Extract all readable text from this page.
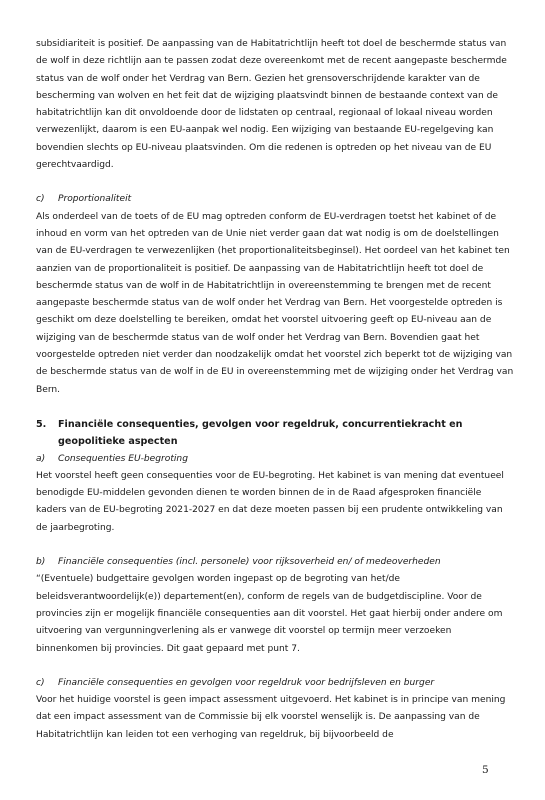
subsidiariteit is positief. De aanpassing van de Habitatrichtlijn heeft tot doel de beschermde status van de wolf in deze richtlijn aan te passen zodat deze overeenkomt met de recent aangepaste beschermde status van de wolf onder het Verdrag van Bern. Gezien het grensoverschrijdende karakter van de bescherming van wolven en het feit dat de wijziging plaatsvindt binnen de bestaande context van de habitatrichtlijn kan dit onvoldoende door de lidstaten op centraal, regionaal of lokaal niveau worden verwezenlijkt, daarom is een EU-aanpak wel nodig. Een wijziging van bestaande EU-regelgeving kan bovendien slechts op EU-niveau plaatsvinden. Om die redenen is optreden op het niveau van de EU gerechtvaardigd.

c) Proportionaliteit

Als onderdeel van de toets of de EU mag optreden conform de EU-verdragen toetst het kabinet of de inhoud en vorm van het optreden van de Unie niet verder gaan dat wat nodig is om de doelstellingen van de EU-verdragen te verwezenlijken (het proportionaliteitsbeginsel). Het oordeel van het kabinet ten aanzien van de proportionaliteit is positief. De aanpassing van de Habitatrichtlijn heeft tot doel de beschermde status van de wolf in de Habitatrichtlijn in overeenstemming te brengen met de recent aangepaste beschermde status van de wolf onder het Verdrag van Bern. Het voorgestelde optreden is geschikt om deze doelstelling te bereiken, omdat het voorstel uitvoering geeft op EU-niveau aan de wijziging van de beschermde status van de wolf onder het Verdrag van Bern. Bovendien gaat het voorgestelde optreden niet verder dan noodzakelijk omdat het voorstel zich beperkt tot de wijziging van de beschermde status van de wolf in de EU in overeenstemming met de wijziging onder het Verdrag van Bern.

5.	Financiële consequenties, gevolgen voor regeldruk, concurrentiekracht en geopolitieke aspecten

a) Consequenties EU-begroting

Het voorstel heeft geen consequenties voor de EU-begroting. Het kabinet is van mening dat eventueel benodigde EU-middelen gevonden dienen te worden binnen de in de Raad afgesproken financiële kaders van de EU-begroting 2021-2027 en dat deze moeten passen bij een prudente ontwikkeling van de jaarbegroting.

b) Financiële consequenties (incl. personele) voor rijksoverheid en/ of medeoverheden

“(Eventuele) budgettaire gevolgen worden ingepast op de begroting van het/de beleidsverantwoordelijk(e)) departement(en), conform de regels van de budgetdiscipline. Voor de provincies zijn er mogelijk financiële consequenties aan dit voorstel. Het gaat hierbij onder andere om uitvoering van vergunningverlening als er vanwege dit voorstel op termijn meer verzoeken binnenkomen bij provincies. Dit gaat gepaard met punt 7.

c) Financiële consequenties en gevolgen voor regeldruk voor bedrijfsleven en burger

Voor het huidige voorstel is geen impact assessment uitgevoerd. Het kabinet is in principe van mening dat een impact assessment van de Commissie bij elk voorstel wenselijk is. De aanpassing van de Habitatrichtlijn kan leiden tot een verhoging van regeldruk, bij bijvoorbeeld de

5
